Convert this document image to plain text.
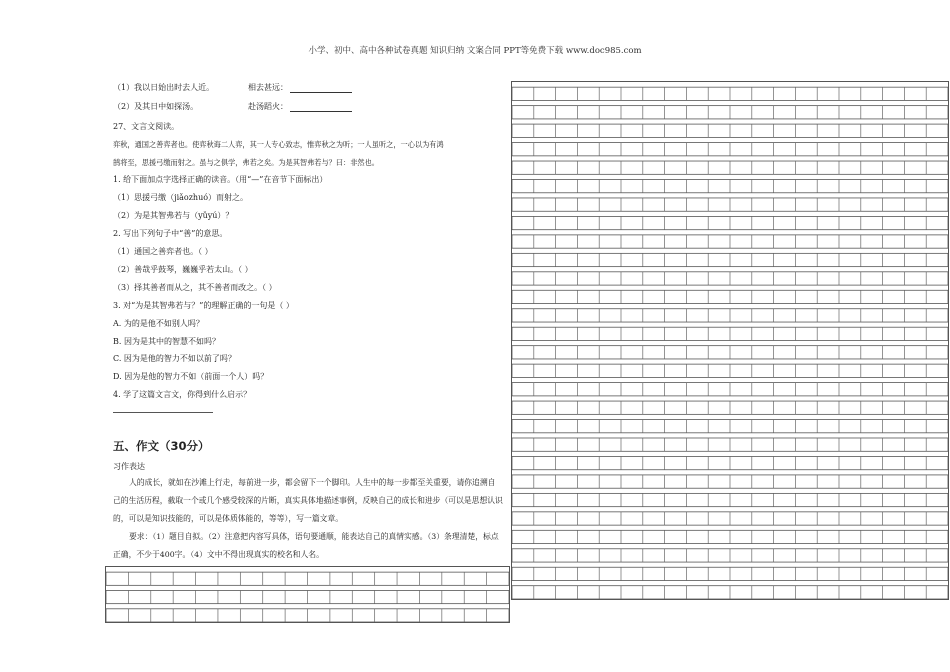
小学、初中、高中各种试卷真题 知识归纳 文案合同 PPT等免费下载 www.doc985.com
（1）我以日始出时去人近。	相去甚远：
（2）及其日中如探汤。	赴汤蹈火：
27、文言文阅读。
弈秋，通国之善弈者也。使弈秋诲二人弈，其一人专心致志，惟弈秋之为听；一人虽听之，一心以为有鸿
鹄将至，思援弓缴而射之。虽与之俱学，弗若之矣。为是其智弗若与？曰：非然也。
1. 给下面加点字选择正确的读音。（用“—”在音节下面标出）
（1）思援弓缴（jiǎozhuó）而射之。
（2）为是其智弗若与（yǔyú）？
2. 写出下列句子中“善”的意思。
（1）通国之善弈者也。（ ）
（2）善哉乎鼓琴，巍巍乎若太山。（ ）
（3）择其善者而从之，其不善者而改之。（ ）
3. 对“为是其智弗若与？”的理解正确的一句是（ ）
A. 为的是他不如别人吗？
B. 因为是其中的智慧不如吗？
C. 因为是他的智力不如以前了吗？
D. 因为是他的智力不如（前面一个人）吗？
4. 学了这篇文言文，你得到什么启示？
五、作文（30分）
习作表达
人的成长，就如在沙滩上行走，每前进一步，都会留下一个脚印。人生中的每一步都至关重要，请你追溯自己的生活历程，截取一个或几个感受较深的片断，真实具体地描述事例，反映自己的成长和进步（可以是思想认识的，可以是知识技能的，可以是体质体能的，等等），写一篇文章。
要求：（1）题目自拟。（2）注意把内容写具体，语句要通顺，能表达自己的真情实感。（3）条理清楚，标点正确，不少于400字。（4）文中不得出现真实的校名和人名。
